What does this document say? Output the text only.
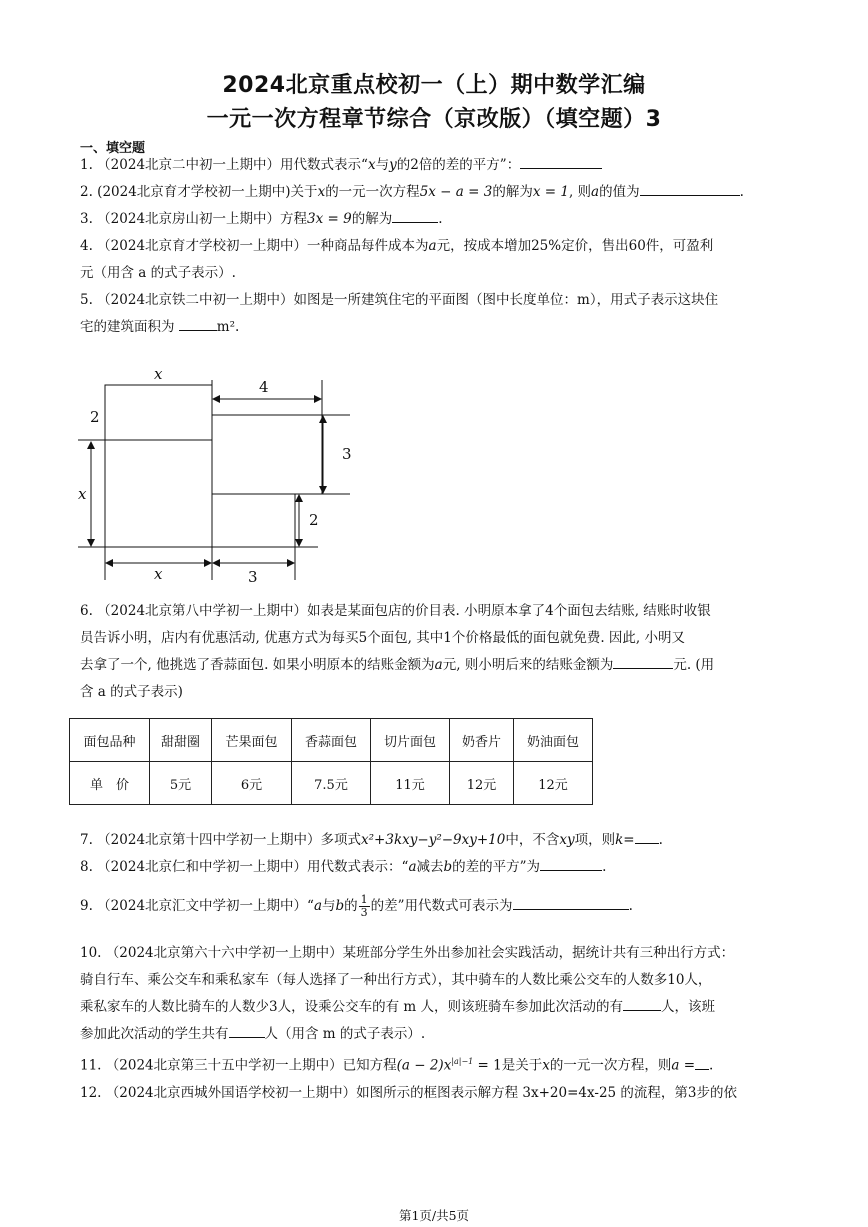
2024北京重点校初一（上）期中数学汇编
一元一次方程章节综合（京改版）（填空题）3
一、填空题

1. （2024北京二中初一上期中）用代数式表示“x与y的2倍的差的平方”：

2. (2024北京育才学校初一上期中)关于x的一元一次方程5x − a = 3的解为x = 1, 则a的值为	.

3. （2024北京房山初一上期中）方程3x = 9的解为	.

4. （2024北京育才学校初一上期中）一种商品每件成本为a元，按成本增加25%定价，售出60件，可盈利

元（用含 a 的式子表示）.

5. （2024北京铁二中初一上期中）如图是一所建筑住宅的平面图（图中长度单位：m），用式子表示这块住

宅的建筑面积为	m².

x
4
2
3
x
2
x	3

6. （2024北京第八中学初一上期中）如表是某面包店的价目表. 小明原本拿了4个面包去结账, 结账时收银

员告诉小明，店内有优惠活动, 优惠方式为每买5个面包, 其中1个价格最低的面包就免费. 因此, 小明又

去拿了一个, 他挑选了香蒜面包. 如果小明原本的结账金额为a元, 则小明后来的结账金额为	元. (用

含 a 的式子表示)

面包品种	甜甜圈	芒果面包	香蒜面包	切片面包	奶香片	奶油面包
单　价	5元	6元	7.5元	11元	12元	12元

7. （2024北京第十四中学初一上期中）多项式x²+3kxy−y²−9xy+10中，不含xy项，则k= .

8. （2024北京仁和中学初一上期中）用代数式表示：“a减去b的差的平方”为	.

9. （2024北京汇文中学初一上期中）“a与b的 $\frac{1}{3}$ 的差”用代数式可表示为	.

10. （2024北京第六十六中学初一上期中）某班部分学生外出参加社会实践活动，据统计共有三种出行方式：

骑自行车、乘公交车和乘私家车（每人选择了一种出行方式），其中骑车的人数比乘公交车的人数多10人，

乘私家车的人数比骑车的人数少3人，设乘公交车的有 m 人，则该班骑车参加此次活动的有	人，该班

参加此次活动的学生共有	人（用含 m 的式子表示）.

11. （2024北京第三十五中学初一上期中）已知方程$(a - 2)x^{|a|-1} = 1$是关于x的一元一次方程，则a = .

12. （2024北京西城外国语学校初一上期中）如图所示的框图表示解方程 3x+20=4x-25 的流程，第3步的依

第1页/共5页
